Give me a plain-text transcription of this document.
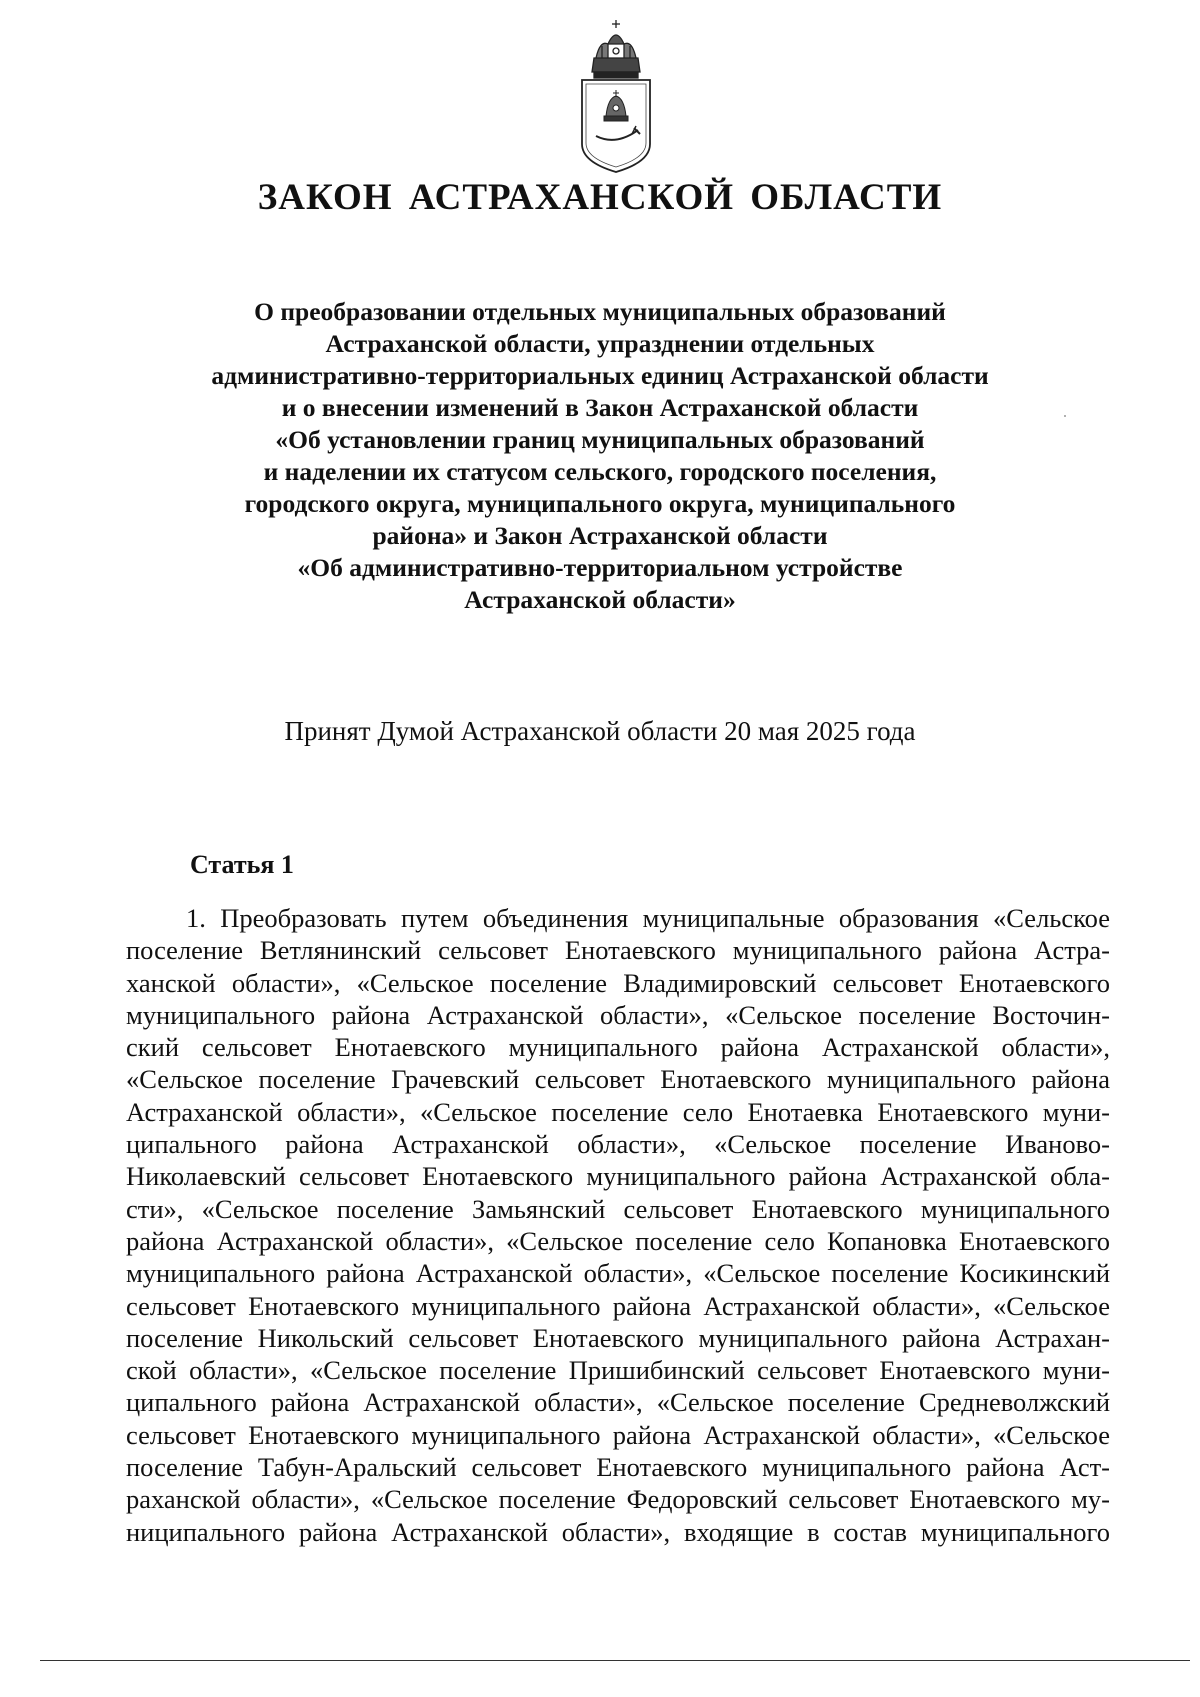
ЗАКОН АСТРАХАНСКОЙ ОБЛАСТИ
О преобразовании отдельных муниципальных образований
Астраханской области, упразднении отдельных
административно-территориальных единиц Астраханской области
и о внесении изменений в Закон Астраханской области
«Об установлении границ муниципальных образований
и наделении их статусом сельского, городского поселения,
городского округа, муниципального округа, муниципального
района» и Закон Астраханской области
«Об административно-территориальном устройстве
Астраханской области»

Принят Думой Астраханской области 20 мая 2025 года

Статья 1

1. Преобразовать путем объединения муниципальные образования «Сельское
поселение Ветлянинский сельсовет Енотаевского муниципального района Астра-
ханской области», «Сельское поселение Владимировский сельсовет Енотаевского
муниципального района Астраханской области», «Сельское поселение Восточин-
ский сельсовет Енотаевского муниципального района Астраханской области»,
«Сельское поселение Грачевский сельсовет Енотаевского муниципального района
Астраханской области», «Сельское поселение село Енотаевка Енотаевского муни-
ципального района Астраханской области», «Сельское поселение Иваново-
Николаевский сельсовет Енотаевского муниципального района Астраханской обла-
сти», «Сельское поселение Замьянский сельсовет Енотаевского муниципального
района Астраханской области», «Сельское поселение село Копановка Енотаевского
муниципального района Астраханской области», «Сельское поселение Косикинский
сельсовет Енотаевского муниципального района Астраханской области», «Сельское
поселение Никольский сельсовет Енотаевского муниципального района Астрахан-
ской области», «Сельское поселение Пришибинский сельсовет Енотаевского муни-
ципального района Астраханской области», «Сельское поселение Средневолжский
сельсовет Енотаевского муниципального района Астраханской области», «Сельское
поселение Табун-Аральский сельсовет Енотаевского муниципального района Аст-
раханской области», «Сельское поселение Федоровский сельсовет Енотаевского му-
ниципального района Астраханской области», входящие в состав муниципального
